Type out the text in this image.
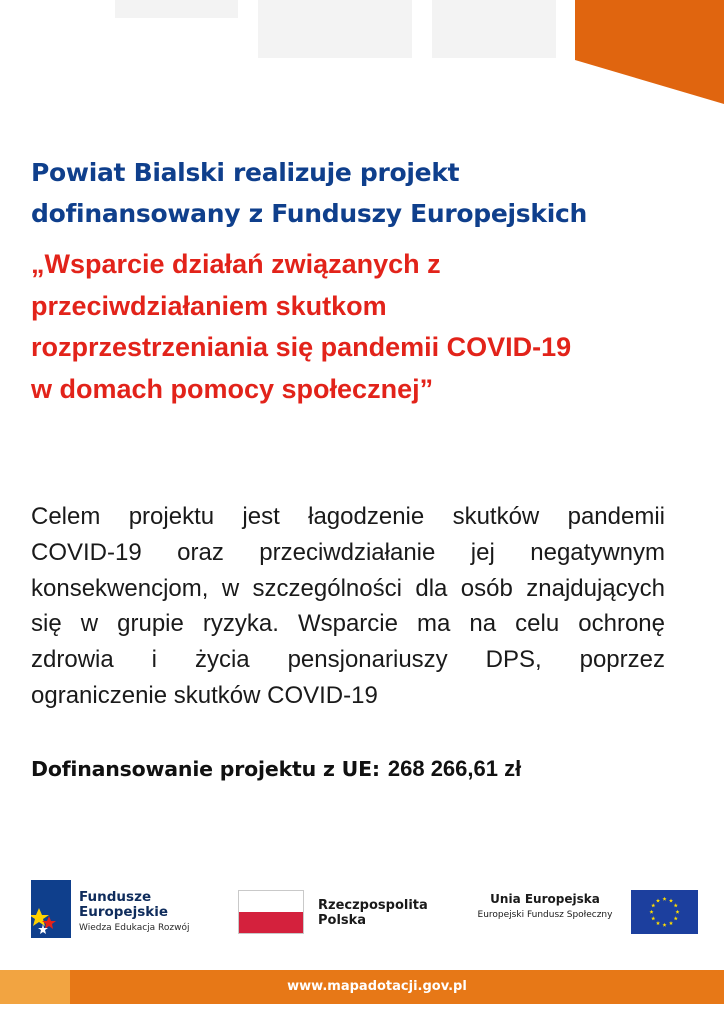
Powiat Bialski realizuje projekt
dofinansowany z Funduszy Europejskich
„Wsparcie działań związanych z
przeciwdziałaniem skutkom
rozprzestrzeniania się pandemii COVID-19
w domach pomocy społecznej”
Celem projektu jest łagodzenie skutków pandemii
COVID-19 oraz przeciwdziałanie jej negatywnym
konsekwencjom, w szczególności dla osób znajdujących
się w grupie ryzyka. Wsparcie ma na celu ochronę
zdrowia i życia pensjonariuszy DPS, poprzez
ograniczenie skutków COVID-19
Dofinansowanie projektu z UE: 268 266,61 zł
Fundusze
Europejskie
Wiedza Edukacja Rozwój
Rzeczpospolita
Polska
Unia Europejska
Europejski Fundusz Społeczny
www.mapadotacji.gov.pl
